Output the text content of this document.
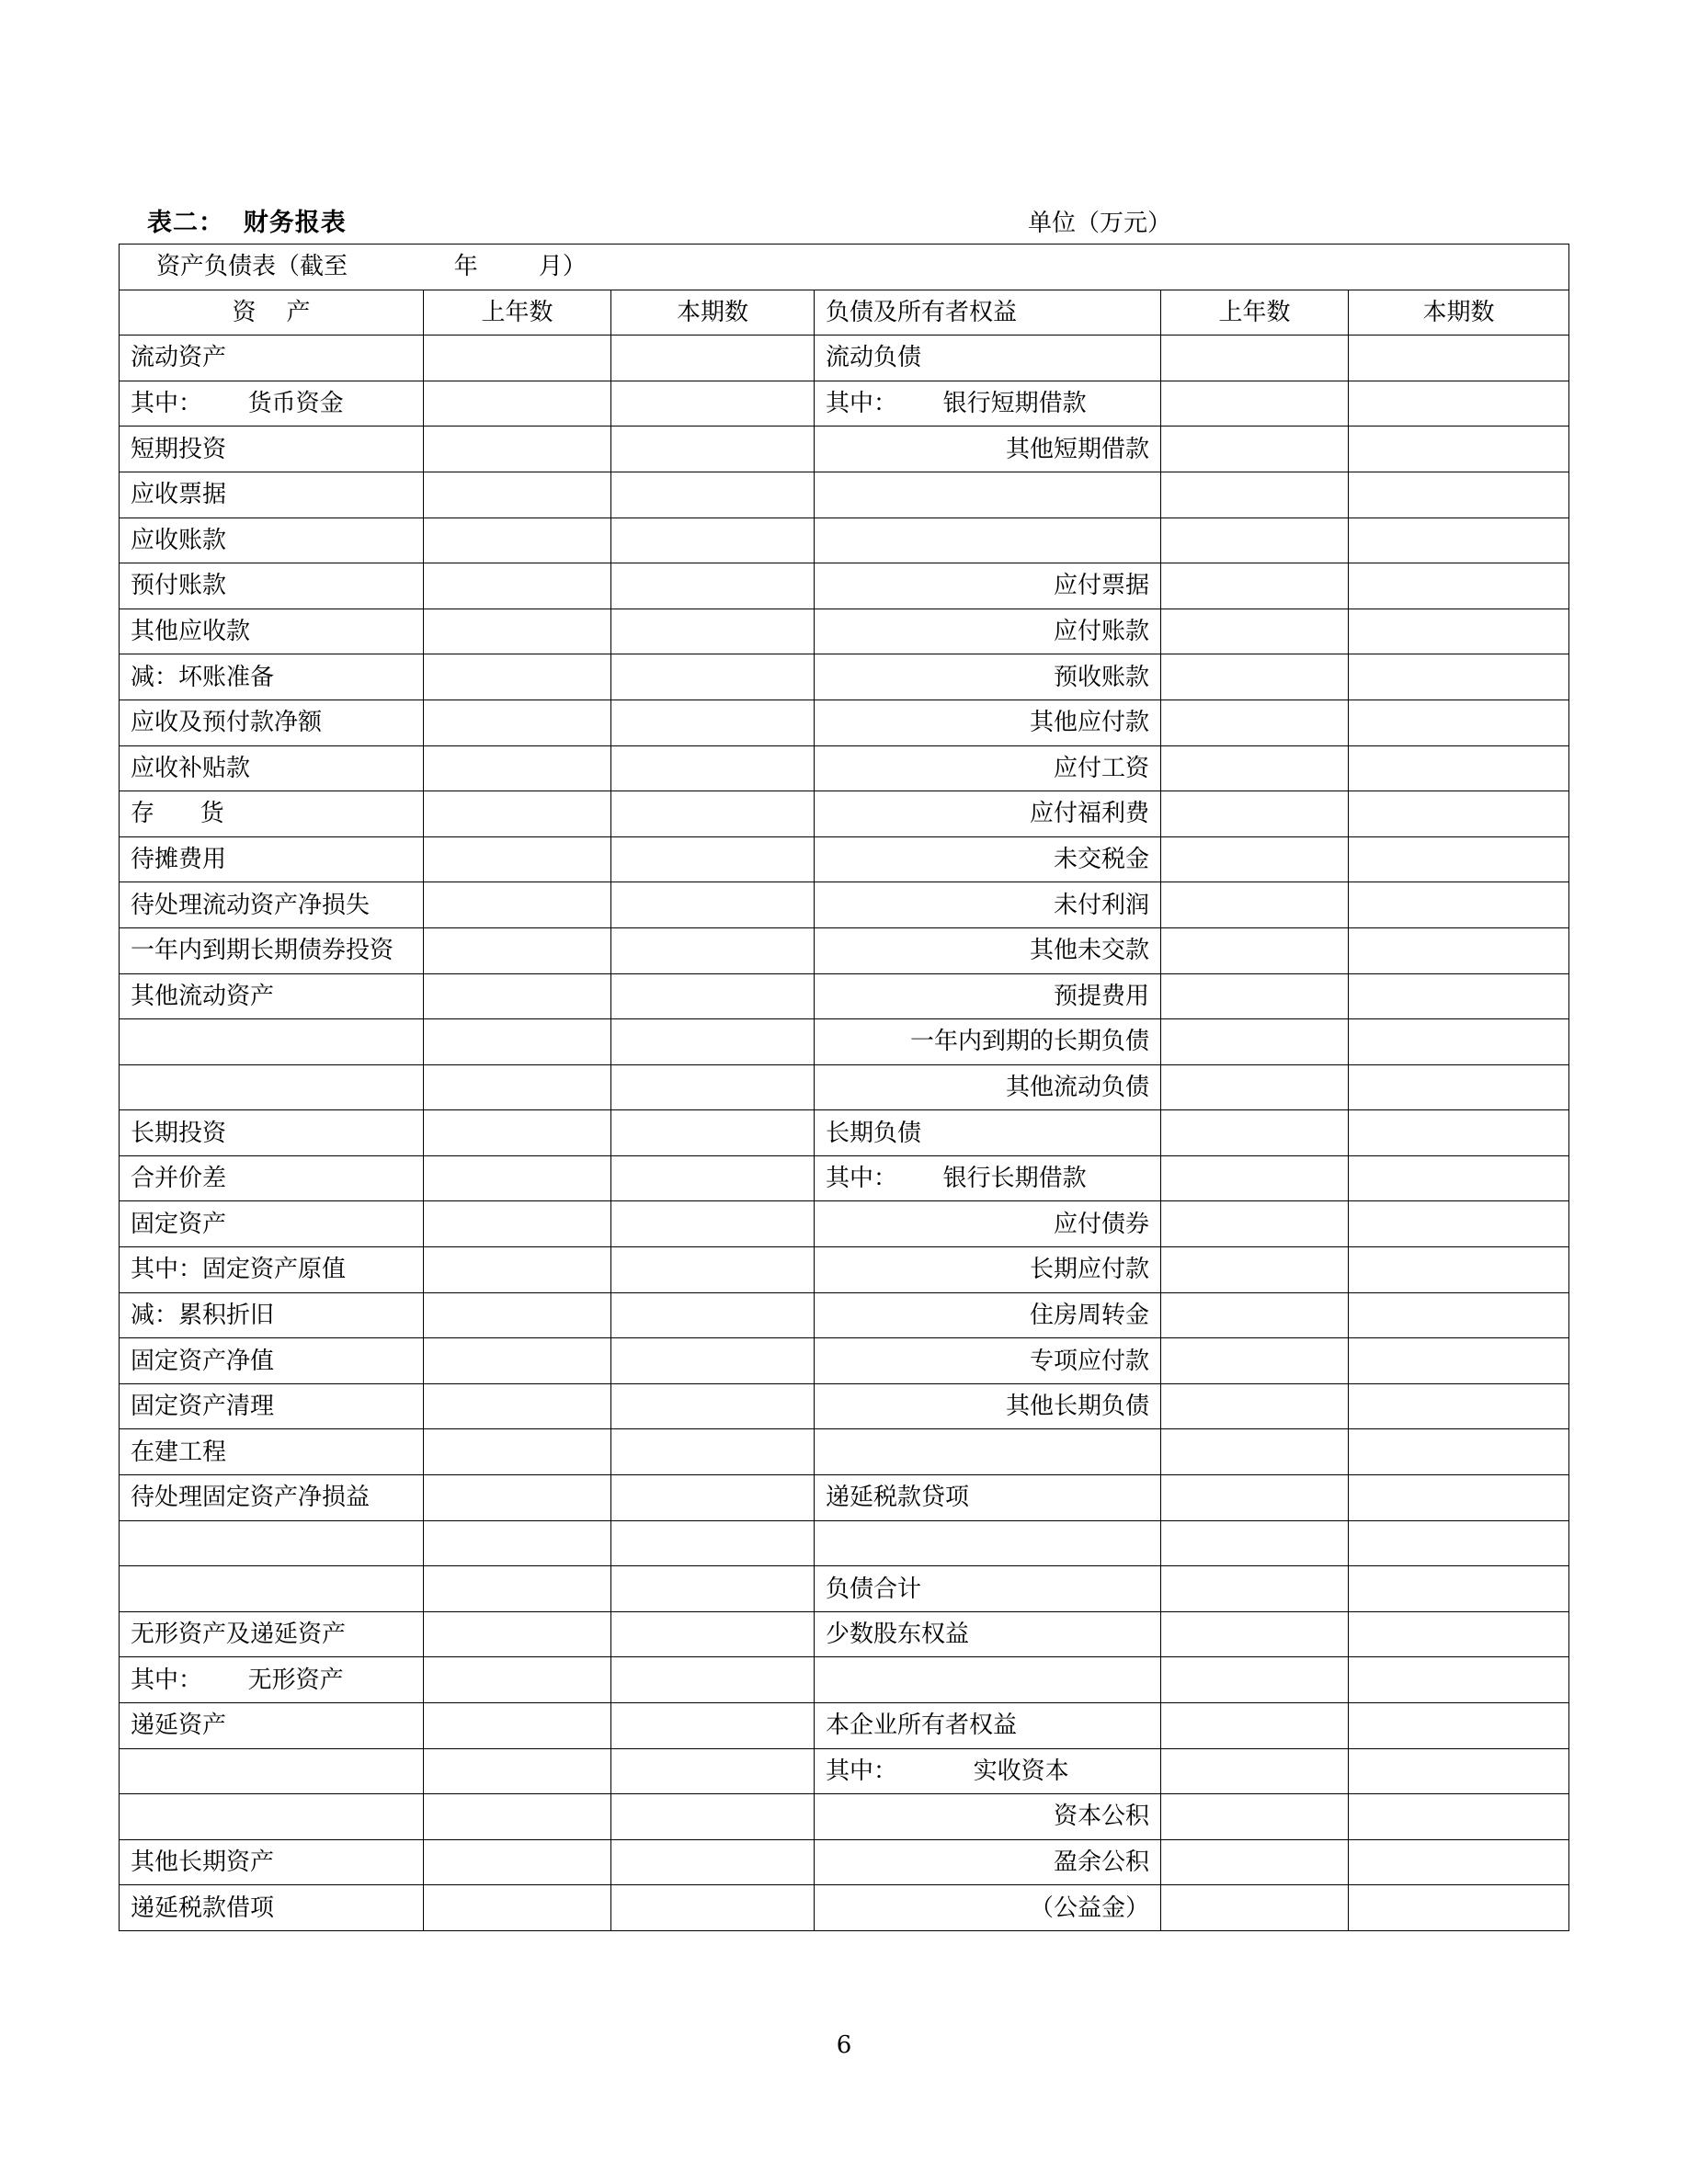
表二：  财务报表	单位（万元）
资产负债表（截至              年        月）					
资    产	上年数	本期数	负债及所有者权益	上年数	本期数
流动资产			流动负债		
其中：      货币资金			其中：      银行短期借款		
短期投资			其他短期借款		
应收票据					
应收账款					
预付账款			应付票据		
其他应收款			应付账款		
减：坏账准备			预收账款		
应收及预付款净额			其他应付款		
应收补贴款			应付工资		
存      货			应付福利费		
待摊费用			未交税金		
待处理流动资产净损失			未付利润		
一年内到期长期债券投资			其他未交款		
其他流动资产			预提费用		
			一年内到期的长期负债		
			其他流动负债		
长期投资			长期负债		
合并价差			其中：      银行长期借款		
固定资产			应付债券		
其中：固定资产原值			长期应付款		
减：累积折旧			住房周转金		
固定资产净值			专项应付款		
固定资产清理			其他长期负债		
在建工程					
待处理固定资产净损益			递延税款贷项		

			负债合计		
无形资产及递延资产			少数股东权益		
其中：      无形资产					
递延资产			本企业所有者权益		
			其中：          实收资本		
			资本公积		
其他长期资产			盈余公积		
递延税款借项			（公益金）		
6
